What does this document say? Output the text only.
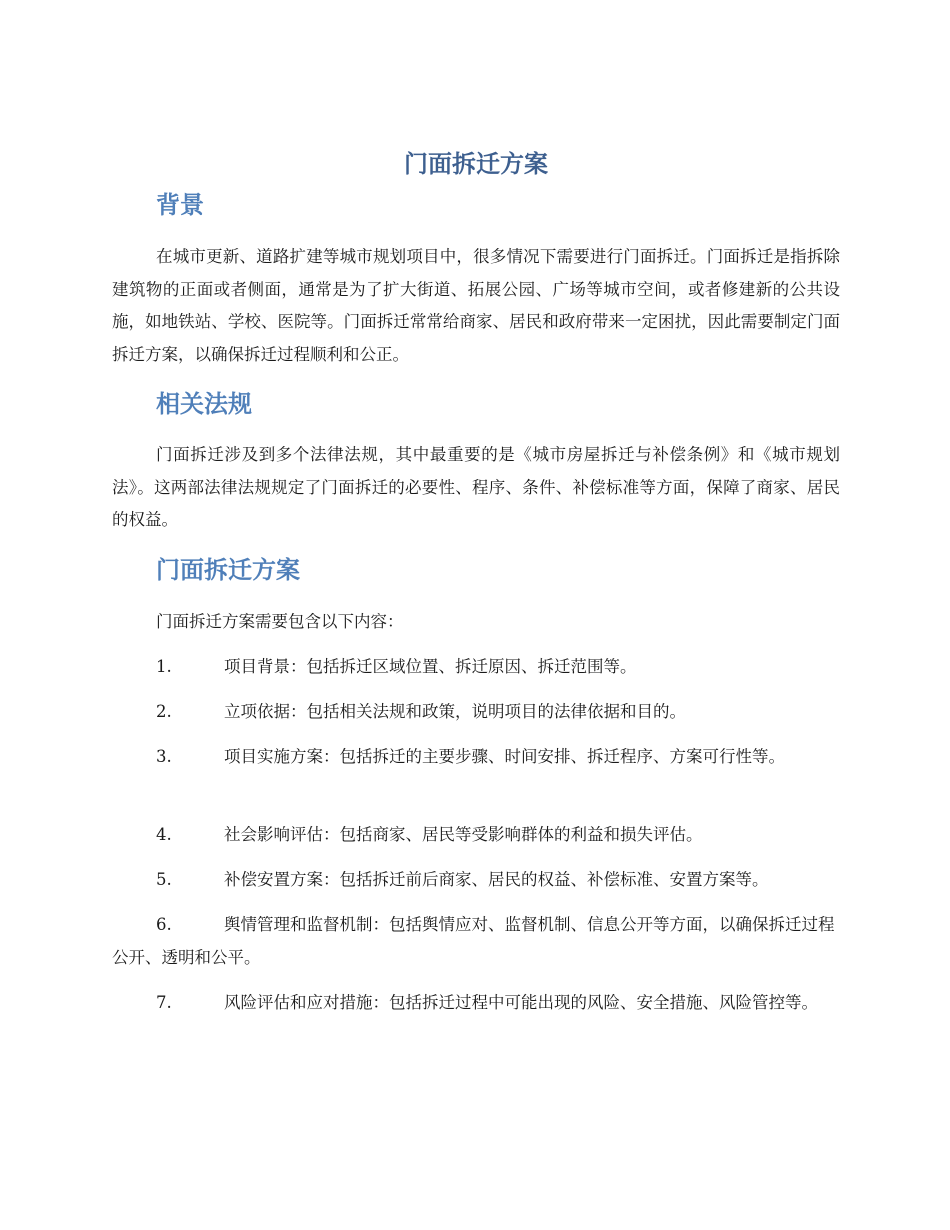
门面拆迁方案
背景

在城市更新、道路扩建等城市规划项目中，很多情况下需要进行门面拆迁。门面拆迁是指拆除建筑物的正面或者侧面，通常是为了扩大街道、拓展公园、广场等城市空间，或者修建新的公共设施，如地铁站、学校、医院等。门面拆迁常常给商家、居民和政府带来一定困扰，因此需要制定门面拆迁方案，以确保拆迁过程顺利和公正。

相关法规

门面拆迁涉及到多个法律法规，其中最重要的是《城市房屋拆迁与补偿条例》和《城市规划法》。这两部法律法规规定了门面拆迁的必要性、程序、条件、补偿标准等方面，保障了商家、居民的权益。

门面拆迁方案

门面拆迁方案需要包含以下内容：

1.	项目背景：包括拆迁区域位置、拆迁原因、拆迁范围等。
2.	立项依据：包括相关法规和政策，说明项目的法律依据和目的。
3.	项目实施方案：包括拆迁的主要步骤、时间安排、拆迁程序、方案可行性等。
4.	社会影响评估：包括商家、居民等受影响群体的利益和损失评估。
5.	补偿安置方案：包括拆迁前后商家、居民的权益、补偿标准、安置方案等。
6.	舆情管理和监督机制：包括舆情应对、监督机制、信息公开等方面，以确保拆迁过程公开、透明和公平。
7.	风险评估和应对措施：包括拆迁过程中可能出现的风险、安全措施、风险管控等。
